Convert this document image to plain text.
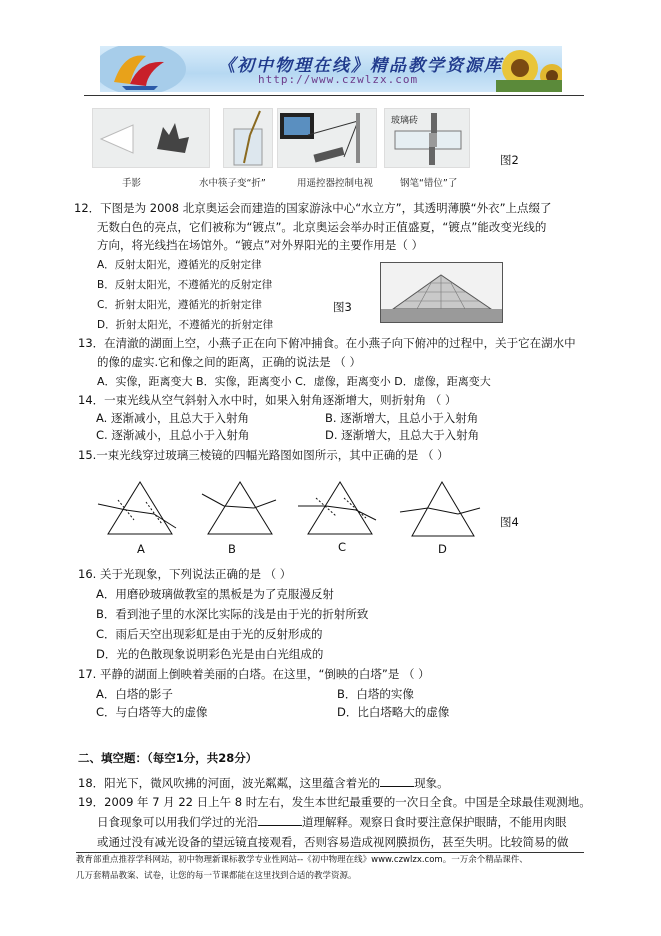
《初中物理在线》精品教学资源库
http://www.czwlzx.com
玻璃砖
手影	水中筷子变“折”	用遥控器控制电视	钢笔“错位”了
图2
12．下图是为 2008 北京奥运会而建造的国家游泳中心“水立方”，其透明薄膜“外衣”上点缀了
无数白色的亮点，它们被称为“镀点”。北京奥运会举办时正值盛夏，“镀点”能改变光线的
方向，将光线挡在场馆外。“镀点”对外界阳光的主要作用是（ ）
A．反射太阳光，遵循光的反射定律
B．反射太阳光，不遵循光的反射定律
C．折射太阳光，遵循光的折射定律
D．折射太阳光，不遵循光的折射定律
图3
13．在清澈的湖面上空，小燕子正在向下俯冲捕食。在小燕子向下俯冲的过程中，关于它在湖水中
的像的虚实.它和像之间的距离，正确的说法是 （ ）
A．实像，距离变大 B．实像，距离变小 C．虚像，距离变小 D．虚像，距离变大
14．一束光线从空气斜射入水中时，如果入射角逐渐增大，则折射角 （ ）
A. 逐渐减小，且总大于入射角	B. 逐渐增大，且总小于入射角
C. 逐渐减小，且总小于入射角	D. 逐渐增大，且总大于入射角
15.一束光线穿过玻璃三棱镜的四幅光路图如图所示，其中正确的是 （ ）
图4
A	B	C	D
16. 关于光现象，下列说法正确的是 （ ）
A．用磨砂玻璃做教室的黑板是为了克服漫反射
B．看到池子里的水深比实际的浅是由于光的折射所致
C．雨后天空出现彩虹是由于光的反射形成的
D．光的色散现象说明彩色光是由白光组成的
17. 平静的湖面上倒映着美丽的白塔。在这里，“倒映的白塔”是 （ ）
A．白塔的影子	B．白塔的实像
C．与白塔等大的虚像	D．比白塔略大的虚像
二、填空题：（每空1分，共28分）
18．阳光下，微风吹拂的河面，波光粼粼，这里蕴含着光的	现象。
19．2009 年 7 月 22 日上午 8 时左右，发生本世纪最重要的一次日全食。中国是全球最佳观测地。
日食现象可以用我们学过的光沿	道理解释。观察日食时要注意保护眼睛，不能用肉眼
或通过没有减光设备的望远镜直接观看，否则容易造成视网膜损伤，甚至失明。比较简易的做
教育部重点推荐学科网站，初中物理新课标教学专业性网站--《初中物理在线》www.czwlzx.com。一万余个精品课件、
几万套精品教案、试卷，让您的每一节课都能在这里找到合适的教学资源。
